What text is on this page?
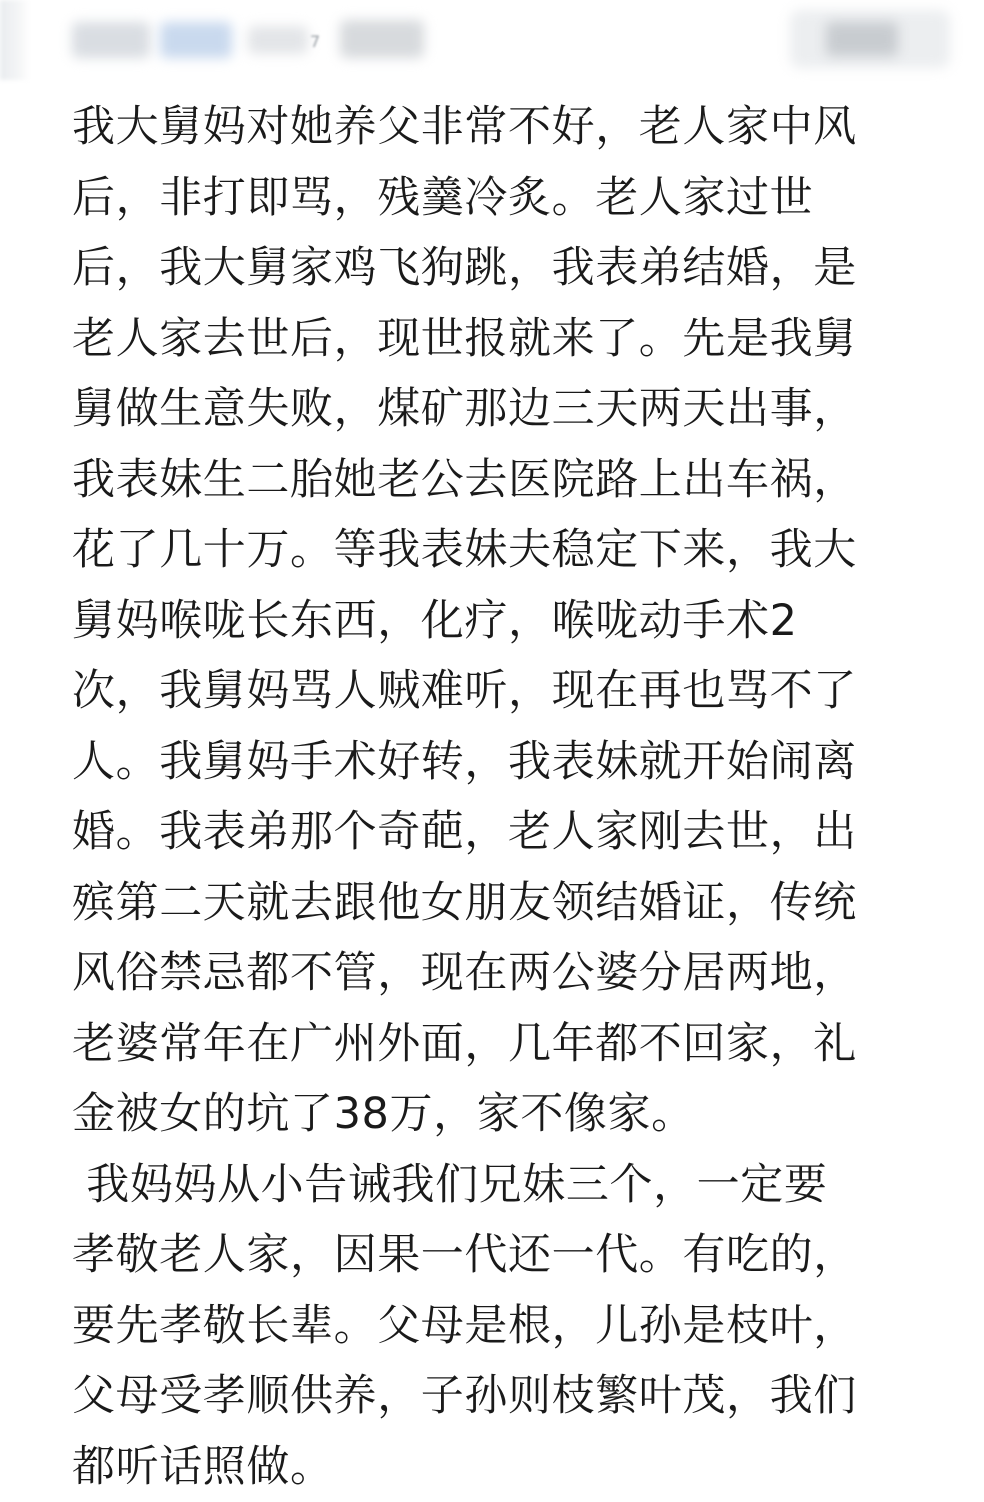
7
我大舅妈对她养父非常不好，老人家中风
后，非打即骂，残羹冷炙。老人家过世
后，我大舅家鸡飞狗跳，我表弟结婚，是
老人家去世后，现世报就来了。先是我舅
舅做生意失败，煤矿那边三天两天出事，
我表妹生二胎她老公去医院路上出车祸，
花了几十万。等我表妹夫稳定下来，我大
舅妈喉咙长东西，化疗，喉咙动手术2
次，我舅妈骂人贼难听，现在再也骂不了
人。我舅妈手术好转，我表妹就开始闹离
婚。我表弟那个奇葩，老人家刚去世，出
殡第二天就去跟他女朋友领结婚证，传统
风俗禁忌都不管，现在两公婆分居两地，
老婆常年在广州外面，几年都不回家，礼
金被女的坑了38万，家不像家。
我妈妈从小告诫我们兄妹三个，一定要
孝敬老人家，因果一代还一代。有吃的，
要先孝敬长辈。父母是根，儿孙是枝叶，
父母受孝顺供养，子孙则枝繁叶茂，我们
都听话照做。
